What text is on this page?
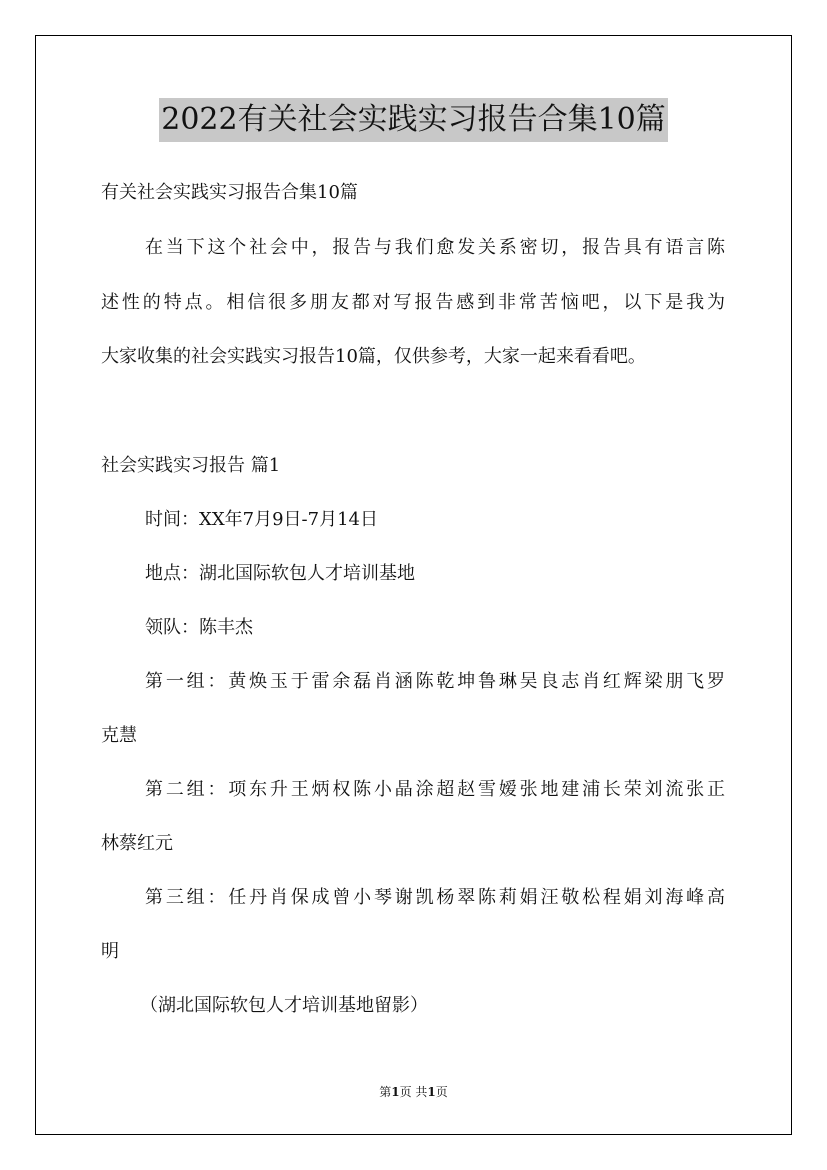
2022有关社会实践实习报告合集10篇
有关社会实践实习报告合集10篇
在当下这个社会中，报告与我们愈发关系密切，报告具有语言陈
述性的特点。相信很多朋友都对写报告感到非常苦恼吧，以下是我为
大家收集的社会实践实习报告10篇，仅供参考，大家一起来看看吧。
社会实践实习报告 篇1
时间：XX年7月9日-7月14日
地点：湖北国际软包人才培训基地
领队：陈丰杰
第一组：黄焕玉于雷余磊肖涵陈乾坤鲁琳吴良志肖红辉梁朋飞罗
克慧
第二组：项东升王炳权陈小晶涂超赵雪嫒张地建浦长荣刘流张正
林蔡红元
第三组：任丹肖保成曾小琴谢凯杨翠陈莉娟汪敬松程娟刘海峰高
明
（湖北国际软包人才培训基地留影）
第1页 共1页
